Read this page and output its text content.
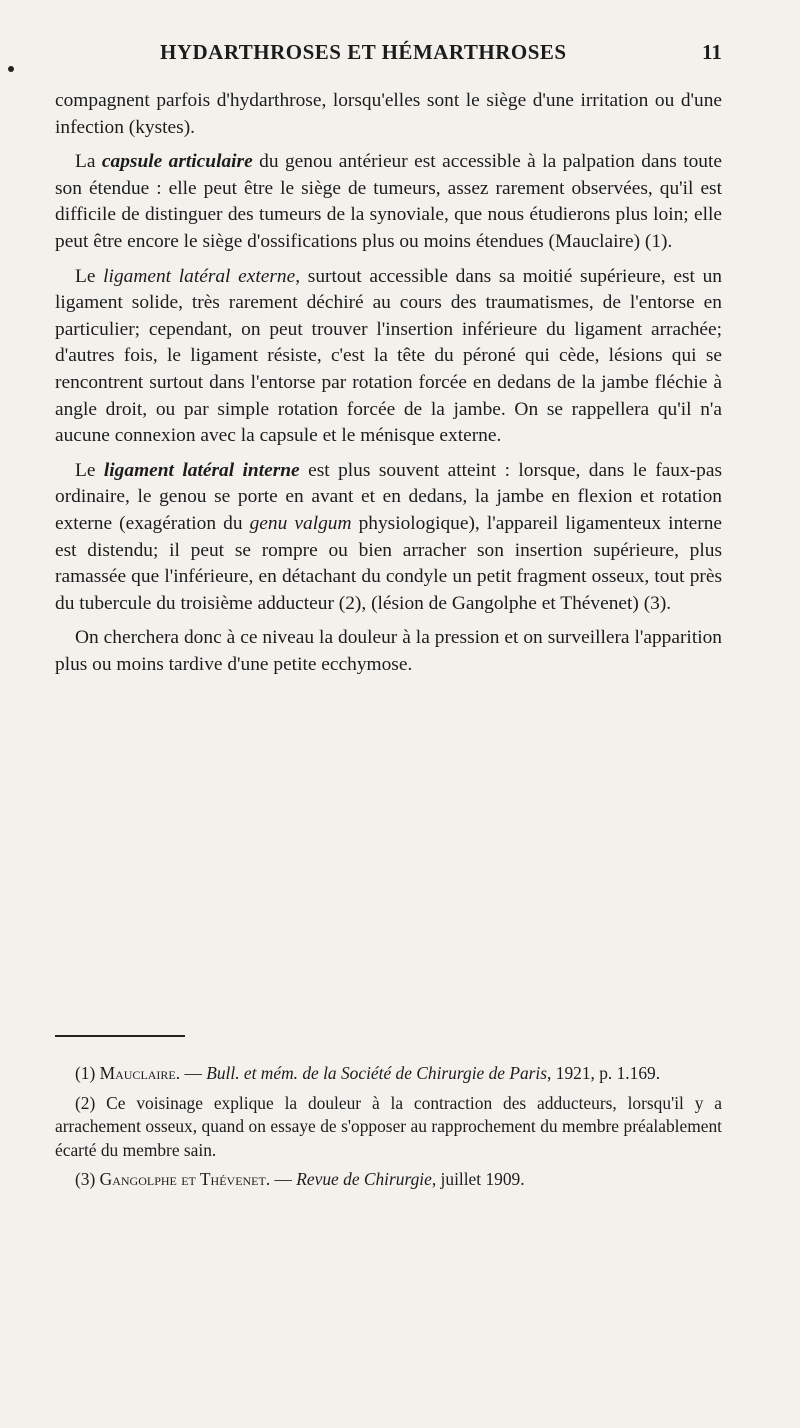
HYDARTHROSES ET HÉMARTHROSES	11

compagnent parfois d'hydarthrose, lorsqu'elles sont le siège d'une irritation ou d'une infection (kystes).

La capsule articulaire du genou antérieur est accessible à la palpation dans toute son étendue : elle peut être le siège de tumeurs, assez rarement observées, qu'il est difficile de distinguer des tumeurs de la synoviale, que nous étudierons plus loin; elle peut être encore le siège d'ossifications plus ou moins étendues (Mauclaire) (1).

Le ligament latéral externe, surtout accessible dans sa moitié supérieure, est un ligament solide, très rarement déchiré au cours des traumatismes, de l'entorse en particulier; cependant, on peut trouver l'insertion inférieure du ligament arrachée; d'autres fois, le ligament résiste, c'est la tête du péroné qui cède, lésions qui se rencontrent surtout dans l'entorse par rotation forcée en dedans de la jambe fléchie à angle droit, ou par simple rotation forcée de la jambe. On se rappellera qu'il n'a aucune connexion avec la capsule et le ménisque externe.

Le ligament latéral interne est plus souvent atteint : lorsque, dans le faux-pas ordinaire, le genou se porte en avant et en dedans, la jambe en flexion et rotation externe (exagération du genu valgum physiologique), l'appareil ligamenteux interne est distendu; il peut se rompre ou bien arracher son insertion supérieure, plus ramassée que l'inférieure, en détachant du condyle un petit fragment osseux, tout près du tubercule du troisième adducteur (2), (lésion de Gangolphe et Thévenet) (3).

On cherchera donc à ce niveau la douleur à la pression et on surveillera l'apparition plus ou moins tardive d'une petite ecchymose.

(1) Mauclaire. — Bull. et mém. de la Société de Chirurgie de Paris, 1921, p. 1.169.

(2) Ce voisinage explique la douleur à la contraction des adducteurs, lorsqu'il y a arrachement osseux, quand on essaye de s'opposer au rapprochement du membre préalablement écarté du membre sain.

(3) Gangolphe et Thévenet. — Revue de Chirurgie, juillet 1909.
